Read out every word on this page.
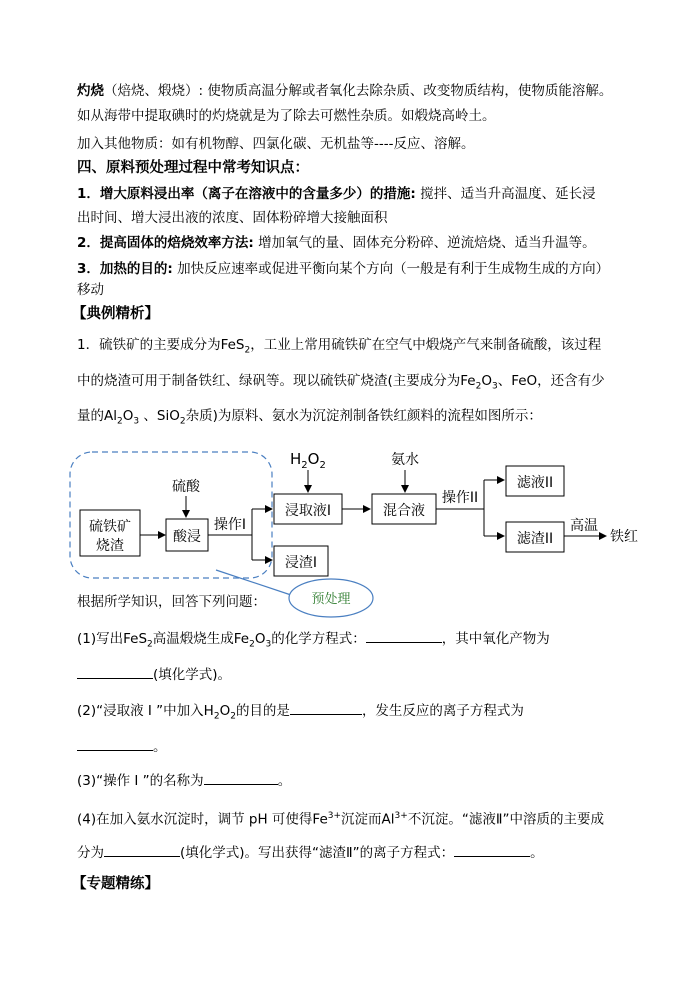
灼烧（焙烧、煅烧）: 使物质高温分解或者氧化去除杂质、改变物质结构，使物质能溶解。
如从海带中提取碘时的灼烧就是为了除去可燃性杂质。如煅烧高岭土。
加入其他物质：如有机物醇、四氯化碳、无机盐等----反应、溶解。
四、原料预处理过程中常考知识点：
1．增大原料浸出率（离子在溶液中的含量多少）的措施: 搅拌、适当升高温度、延长浸
出时间、增大浸出液的浓度、固体粉碎增大接触面积
2．提高固体的焙烧效率方法: 增加氧气的量、固体充分粉碎、逆流焙烧、适当升温等。
3．加热的目的: 加快反应速率或促进平衡向某个方向（一般是有利于生成物生成的方向）
移动
【典例精析】
1．硫铁矿的主要成分为FeS$_2$，工业上常用硫铁矿在空气中煅烧产气来制备硫酸，该过程
中的烧渣可用于制备铁红、绿矾等。现以硫铁矿烧渣(主要成分为$Fe_2O_3$、FeO，还含有少
量的$Al_2O_3$ 、SiO$_2$杂质)为原料、氨水为沉淀剂制备铁红颜料的流程如图所示：
硫铁矿
烧渣
硫酸
酸浸
操作I
浸取液I
浸渣I
$H_2O_2$	氨水
混合液
操作II
滤液II
滤渣II
高温
铁红
预处理
根据所学知识，回答下列问题：
(1)写出FeS$_2$高温煅烧生成$Fe_2O_3$的化学方程式：	，其中氧化产物为
(填化学式)。
(2)“浸取液 I ”中加入$H_2O_2$的目的是	，发生反应的离子方程式为
。
(3)“操作 I ”的名称为	。
(4)在加入氨水沉淀时，调节 pH 可使得$Fe^{3+}$沉淀而$Al^{3+}$不沉淀。“滤液Ⅱ”中溶质的主要成
分为	(填化学式)。写出获得“滤渣Ⅱ”的离子方程式：	。
【专题精练】
